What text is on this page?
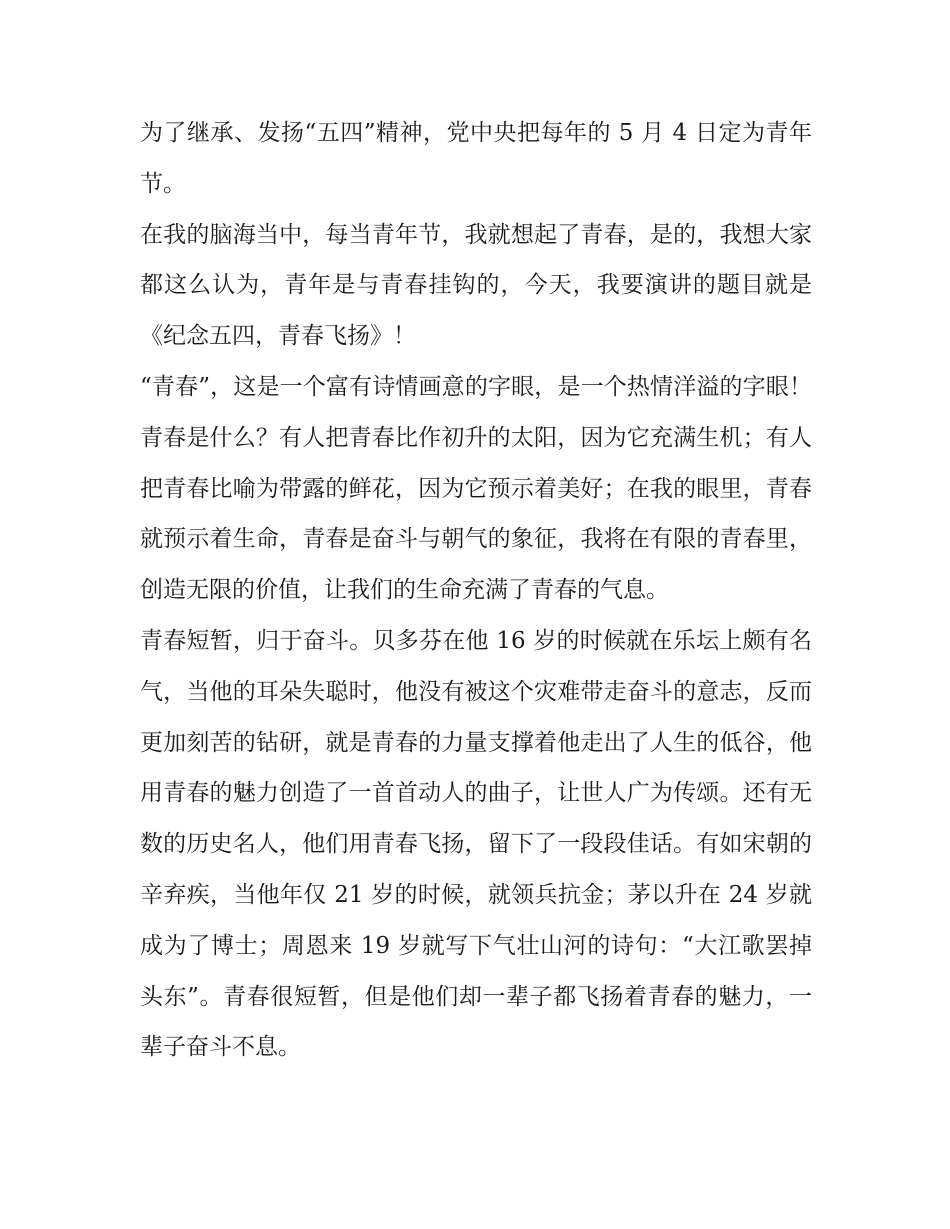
为了继承、发扬“五四”精神，党中央把每年的 5 月 4 日定为青年节。

在我的脑海当中，每当青年节，我就想起了青春，是的，我想大家都这么认为，青年是与青春挂钩的，今天，我要演讲的题目就是《纪念五四，青春飞扬》！

“青春”，这是一个富有诗情画意的字眼，是一个热情洋溢的字眼！青春是什么？有人把青春比作初升的太阳，因为它充满生机；有人把青春比喻为带露的鲜花，因为它预示着美好；在我的眼里，青春就预示着生命，青春是奋斗与朝气的象征，我将在有限的青春里，创造无限的价值，让我们的生命充满了青春的气息。

青春短暂，归于奋斗。贝多芬在他 16 岁的时候就在乐坛上颇有名气，当他的耳朵失聪时，他没有被这个灾难带走奋斗的意志，反而更加刻苦的钻研，就是青春的力量支撑着他走出了人生的低谷，他用青春的魅力创造了一首首动人的曲子，让世人广为传颂。还有无数的历史名人，他们用青春飞扬，留下了一段段佳话。有如宋朝的辛弃疾，当他年仅 21 岁的时候，就领兵抗金；茅以升在 24 岁就成为了博士；周恩来 19 岁就写下气壮山河的诗句：“大江歌罢掉头东”。青春很短暂，但是他们却一辈子都飞扬着青春的魅力，一辈子奋斗不息。
